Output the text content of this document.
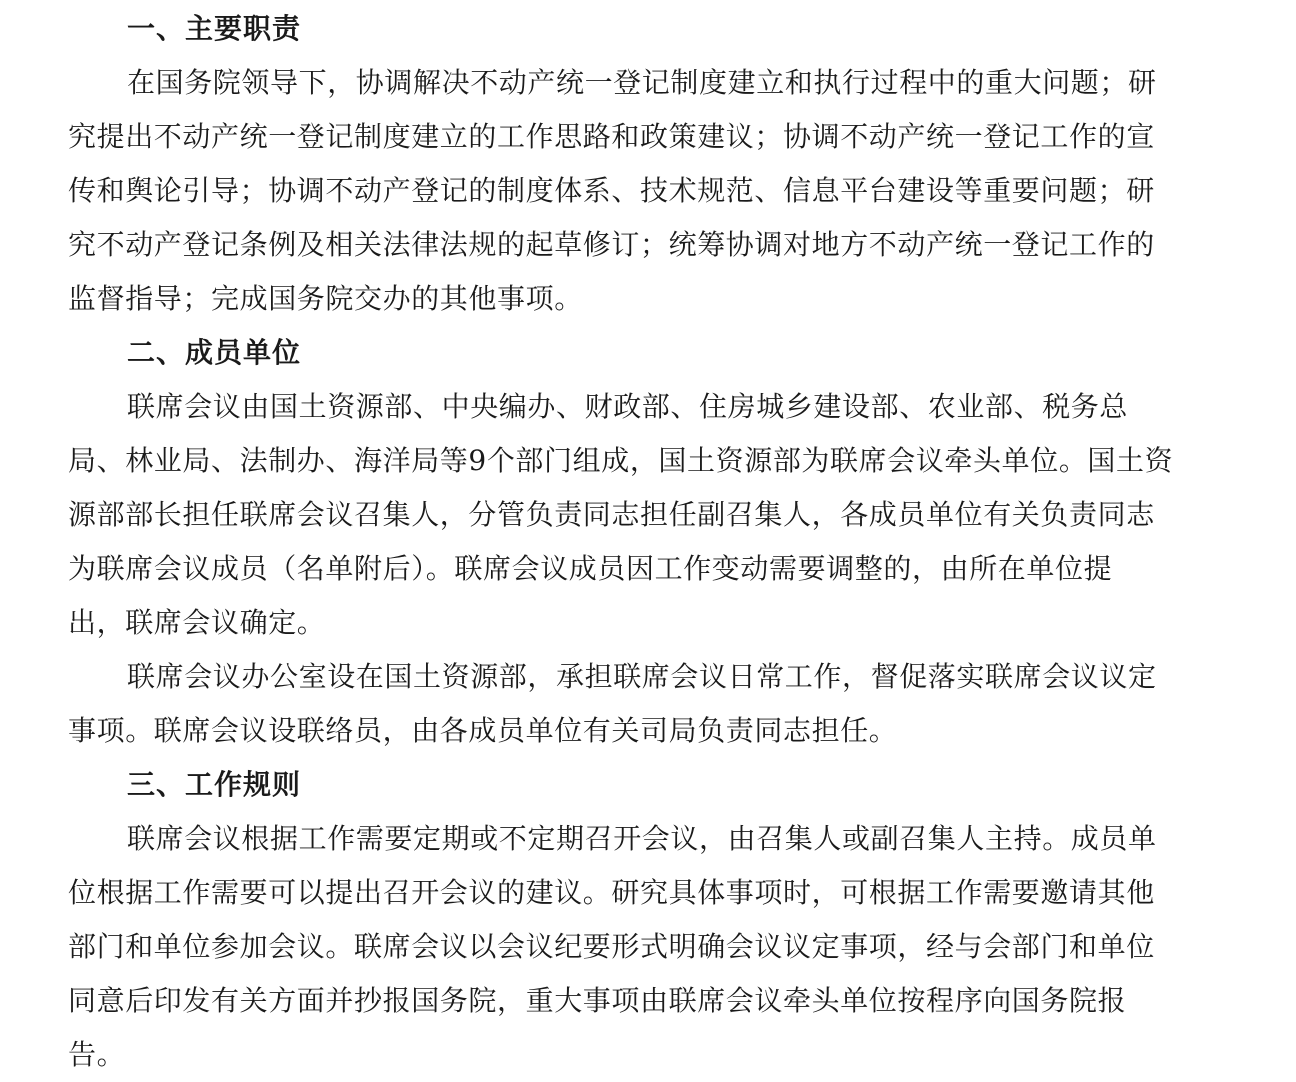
一、主要职责
在国务院领导下，协调解决不动产统一登记制度建立和执行过程中的重大问题；研
究提出不动产统一登记制度建立的工作思路和政策建议；协调不动产统一登记工作的宣
传和舆论引导；协调不动产登记的制度体系、技术规范、信息平台建设等重要问题；研
究不动产登记条例及相关法律法规的起草修订；统筹协调对地方不动产统一登记工作的
监督指导；完成国务院交办的其他事项。
二、成员单位
联席会议由国土资源部、中央编办、财政部、住房城乡建设部、农业部、税务总
局、林业局、法制办、海洋局等9个部门组成，国土资源部为联席会议牵头单位。国土资
源部部长担任联席会议召集人，分管负责同志担任副召集人，各成员单位有关负责同志
为联席会议成员（名单附后）。联席会议成员因工作变动需要调整的，由所在单位提
出，联席会议确定。
联席会议办公室设在国土资源部，承担联席会议日常工作，督促落实联席会议议定
事项。联席会议设联络员，由各成员单位有关司局负责同志担任。
三、工作规则
联席会议根据工作需要定期或不定期召开会议，由召集人或副召集人主持。成员单
位根据工作需要可以提出召开会议的建议。研究具体事项时，可根据工作需要邀请其他
部门和单位参加会议。联席会议以会议纪要形式明确会议议定事项，经与会部门和单位
同意后印发有关方面并抄报国务院，重大事项由联席会议牵头单位按程序向国务院报
告。
